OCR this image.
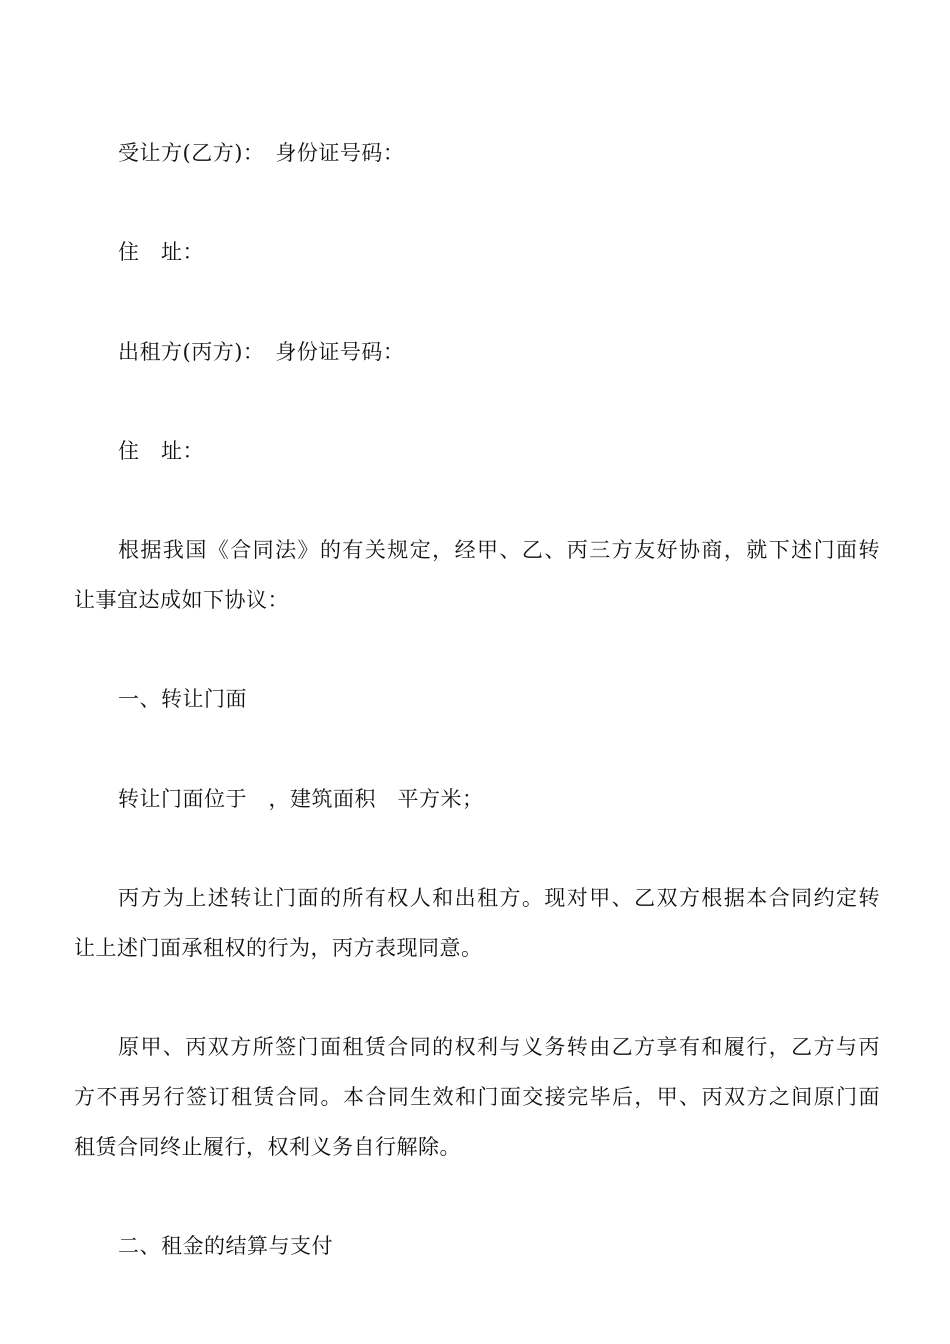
受让方(乙方)：　身份证号码：
住　址：
出租方(丙方)：　身份证号码：
住　址：
根据我国《合同法》的有关规定，经甲、乙、丙三方友好协商，就下述门面转
让事宜达成如下协议：
一、转让门面
转让门面位于　，建筑面积　平方米；
丙方为上述转让门面的所有权人和出租方。现对甲、乙双方根据本合同约定转
让上述门面承租权的行为，丙方表现同意。
原甲、丙双方所签门面租赁合同的权利与义务转由乙方享有和履行，乙方与丙
方不再另行签订租赁合同。本合同生效和门面交接完毕后，甲、丙双方之间原门面
租赁合同终止履行，权利义务自行解除。
二、租金的结算与支付
